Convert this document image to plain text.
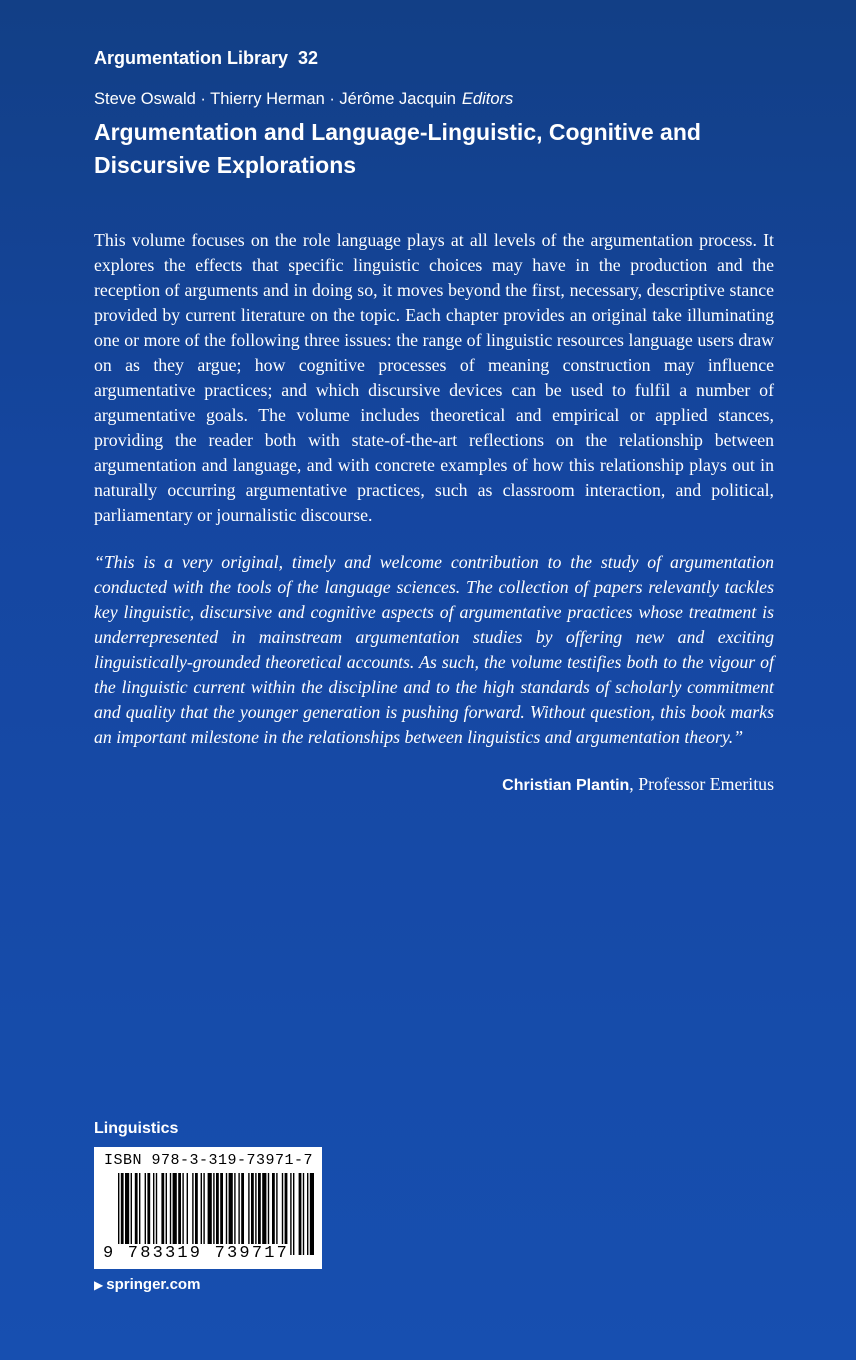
Argumentation Library 32
Steve Oswald · Thierry Herman · Jérôme Jacquin Editors
Argumentation and Language-Linguistic, Cognitive and Discursive Explorations

This volume focuses on the role language plays at all levels of the argumentation process. It explores the effects that specific linguistic choices may have in the production and the reception of arguments and in doing so, it moves beyond the first, necessary, descriptive stance provided by current literature on the topic. Each chapter provides an original take illuminating one or more of the following three issues: the range of linguistic resources language users draw on as they argue; how cognitive processes of meaning construction may influence argumentative practices; and which discursive devices can be used to fulfil a number of argumentative goals. The volume includes theoretical and empirical or applied stances, providing the reader both with state-of-the-art reflections on the relationship between argumentation and language, and with concrete examples of how this relationship plays out in naturally occurring argumentative practices, such as classroom interaction, and political, parliamentary or journalistic discourse.

“This is a very original, timely and welcome contribution to the study of argumentation conducted with the tools of the language sciences. The collection of papers relevantly tackles key linguistic, discursive and cognitive aspects of argumentative practices whose treatment is underrepresented in mainstream argumentation studies by offering new and exciting linguistically-grounded theoretical accounts. As such, the volume testifies both to the vigour of the linguistic current within the discipline and to the high standards of scholarly commitment and quality that the younger generation is pushing forward. Without question, this book marks an important milestone in the relationships between linguistics and argumentation theory.”

Christian Plantin, Professor Emeritus
Linguistics
ISBN 978-3-319-73971-7
9 783319 739717
▶ springer.com
